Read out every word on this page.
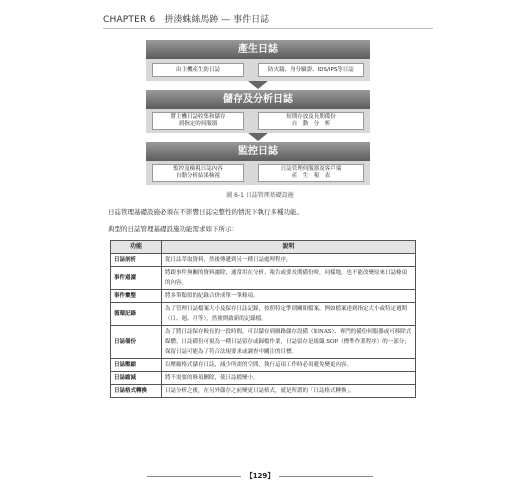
CHAPTER 6 拼湊蛛絲馬跡 — 事件日誌
產生日誌
由主機產生防日誌	防火牆、身分驗證、IDS/IPS等日誌
儲存及分析日誌
將主機日誌收集和儲存
到指定的伺服器
短期存放及長期備份
自　動　分　析
監控日誌
監控及檢視日誌內容
自動分析結果檢視
日誌管理伺服器及客戶端
產　生　報　表
圖 6-1 日誌管理基礎設施
日誌管理基礎設施必須在不影響日誌完整性的情況下執行多種功能。
典型的日誌管理基礎設施功能需求如下所示：
功能	說明
日誌剖析	從日誌萃取資料，然後傳遞到另一種日誌處理程序。
事件過濾	將跟事件無關的資料濾除，通常用在分析、報告或要長期備份時，同樣地，也不能改變原來日誌條項的內容。
事件彙整	將多筆類似的紀錄合併成單一筆條項。
循環記錄	為了管理日誌檔案大小及保存日誌記錄，按照特定準則關閉檔案，例如檔案達到指定大小或特定週期（日、週、月等），然後開啟新的記錄檔。
日誌備份	為了將日誌保存較長的一段時間，可以儲存到網路儲存設備（如NAS）、專門的備份伺服器或可移除式媒體。日誌備份可視為一種日誌留存或歸檔作業，日誌留存是組織 SOP（標準作業程序）的一部分；保留日誌可能為了符合法規要求或調查中關注的目標。
日誌壓縮	以壓縮格式儲存日誌，減少所需的空間，執行這項工作時必須避免變更內容。
日誌縮減	將不需要的條項刪除，使日誌檔變小。
日誌格式轉換	日誌分析之後，在另外儲存之前變更日誌格式，就是所謂的「日誌格式轉換」。
【129】
